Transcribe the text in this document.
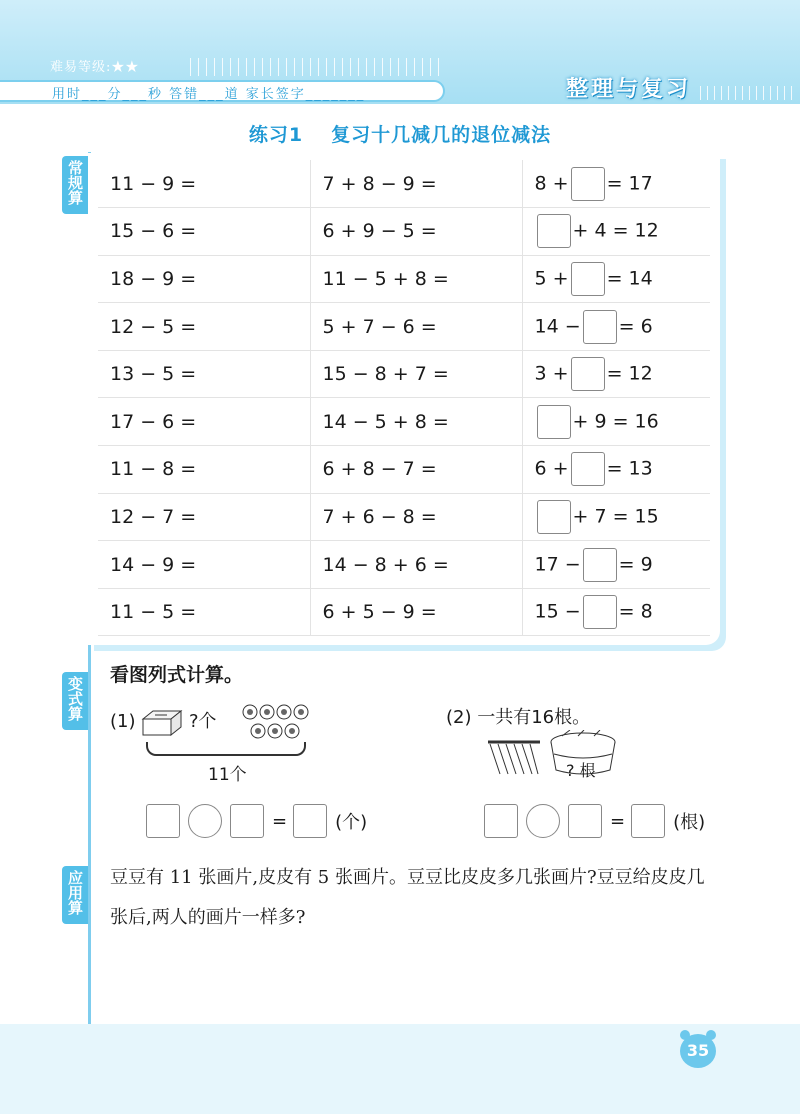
难易等级:★★
用时___分___秒 答错___道 家长签字_______	整理与复习
练习1 复习十几减几的退位减法
常规算
变式算
应用算
11 − 9 =	7 + 8 − 9 =	8 + = 17
15 − 6 =	6 + 9 − 5 =	+ 4 = 12
18 − 9 =	11 − 5 + 8 =	5 + = 14
12 − 5 =	5 + 7 − 6 =	14 − = 6
13 − 5 =	15 − 8 + 7 =	3 + = 12
17 − 6 =	14 − 5 + 8 =	+ 9 = 16
11 − 8 =	6 + 8 − 7 =	6 + = 13
12 − 7 =	7 + 6 − 8 =	+ 7 = 15
14 − 9 =	14 − 8 + 6 =	17 − = 9
11 − 5 =	6 + 5 − 9 =	15 − = 8
看图列式计算。
(1)	?个
11个
(2) 一共有16根。
? 根
=	(个)	=	(根)
豆豆有 11 张画片,皮皮有 5 张画片。豆豆比皮皮多几张画片?豆豆给皮皮几张后,两人的画片一样多?
35
